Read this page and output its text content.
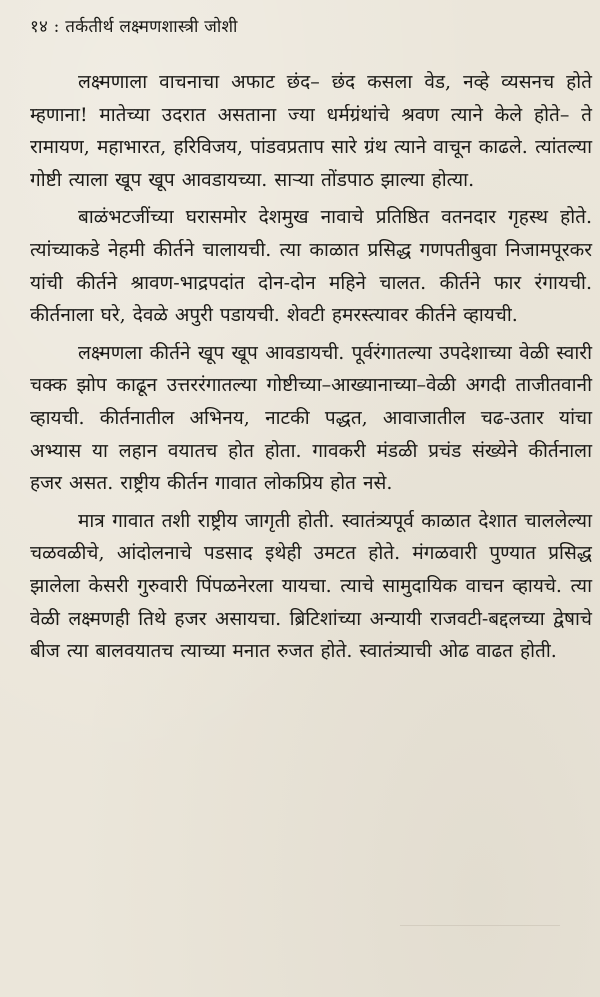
१४ : तर्कतीर्थ लक्ष्मणशास्त्री जोशी

लक्ष्मणाला वाचनाचा अफाट छंद– छंद कसला वेड, नव्हे व्यसनच होते म्हणाना! मातेच्या उदरात असताना ज्या धर्मग्रंथांचे श्रवण त्याने केले होते– ते रामायण, महाभारत, हरिविजय, पांडवप्रताप सारे ग्रंथ त्याने वाचून काढले. त्यांतल्या गोष्टी त्याला खूप खूप आवडायच्या. साऱ्या तोंडपाठ झाल्या होत्या.

बाळंभटजींच्या घरासमोर देशमुख नावाचे प्रतिष्ठित वतनदार गृहस्थ होते. त्यांच्याकडे नेहमी कीर्तने चालायची. त्या काळात प्रसिद्ध गणपतीबुवा निजामपूरकर यांची कीर्तने श्रावण-भाद्रपदांत दोन-दोन महिने चालत. कीर्तने फार रंगायची. कीर्तनाला घरे, देवळे अपुरी पडायची. शेवटी हमरस्त्यावर कीर्तने व्हायची.

लक्ष्मणला कीर्तने खूप खूप आवडायची. पूर्वरंगातल्या उपदेशाच्या वेळी स्वारी चक्क झोप काढून उत्तररंगातल्या गोष्टीच्या–आख्यानाच्या–वेळी अगदी ताजीतवानी व्हायची. कीर्तनातील अभिनय, नाटकी पद्धत, आवाजातील चढ-उतार यांचा अभ्यास या लहान वयातच होत होता. गावकरी मंडळी प्रचंड संख्येने कीर्तनाला हजर असत. राष्ट्रीय कीर्तन गावात लोकप्रिय होत नसे.

मात्र गावात तशी राष्ट्रीय जागृती होती. स्वातंत्र्यपूर्व काळात देशात चाललेल्या चळवळीचे, आंदोलनाचे पडसाद इथेही उमटत होते. मंगळवारी पुण्यात प्रसिद्ध झालेला केसरी गुरुवारी पिंपळनेरला यायचा. त्याचे सामुदायिक वाचन व्हायचे. त्या वेळी लक्ष्मणही तिथे हजर असायचा. ब्रिटिशांच्या अन्यायी राजवटी-बद्दलच्या द्वेषाचे बीज त्या बालवयातच त्याच्या मनात रुजत होते. स्वातंत्र्याची ओढ वाढत होती.
